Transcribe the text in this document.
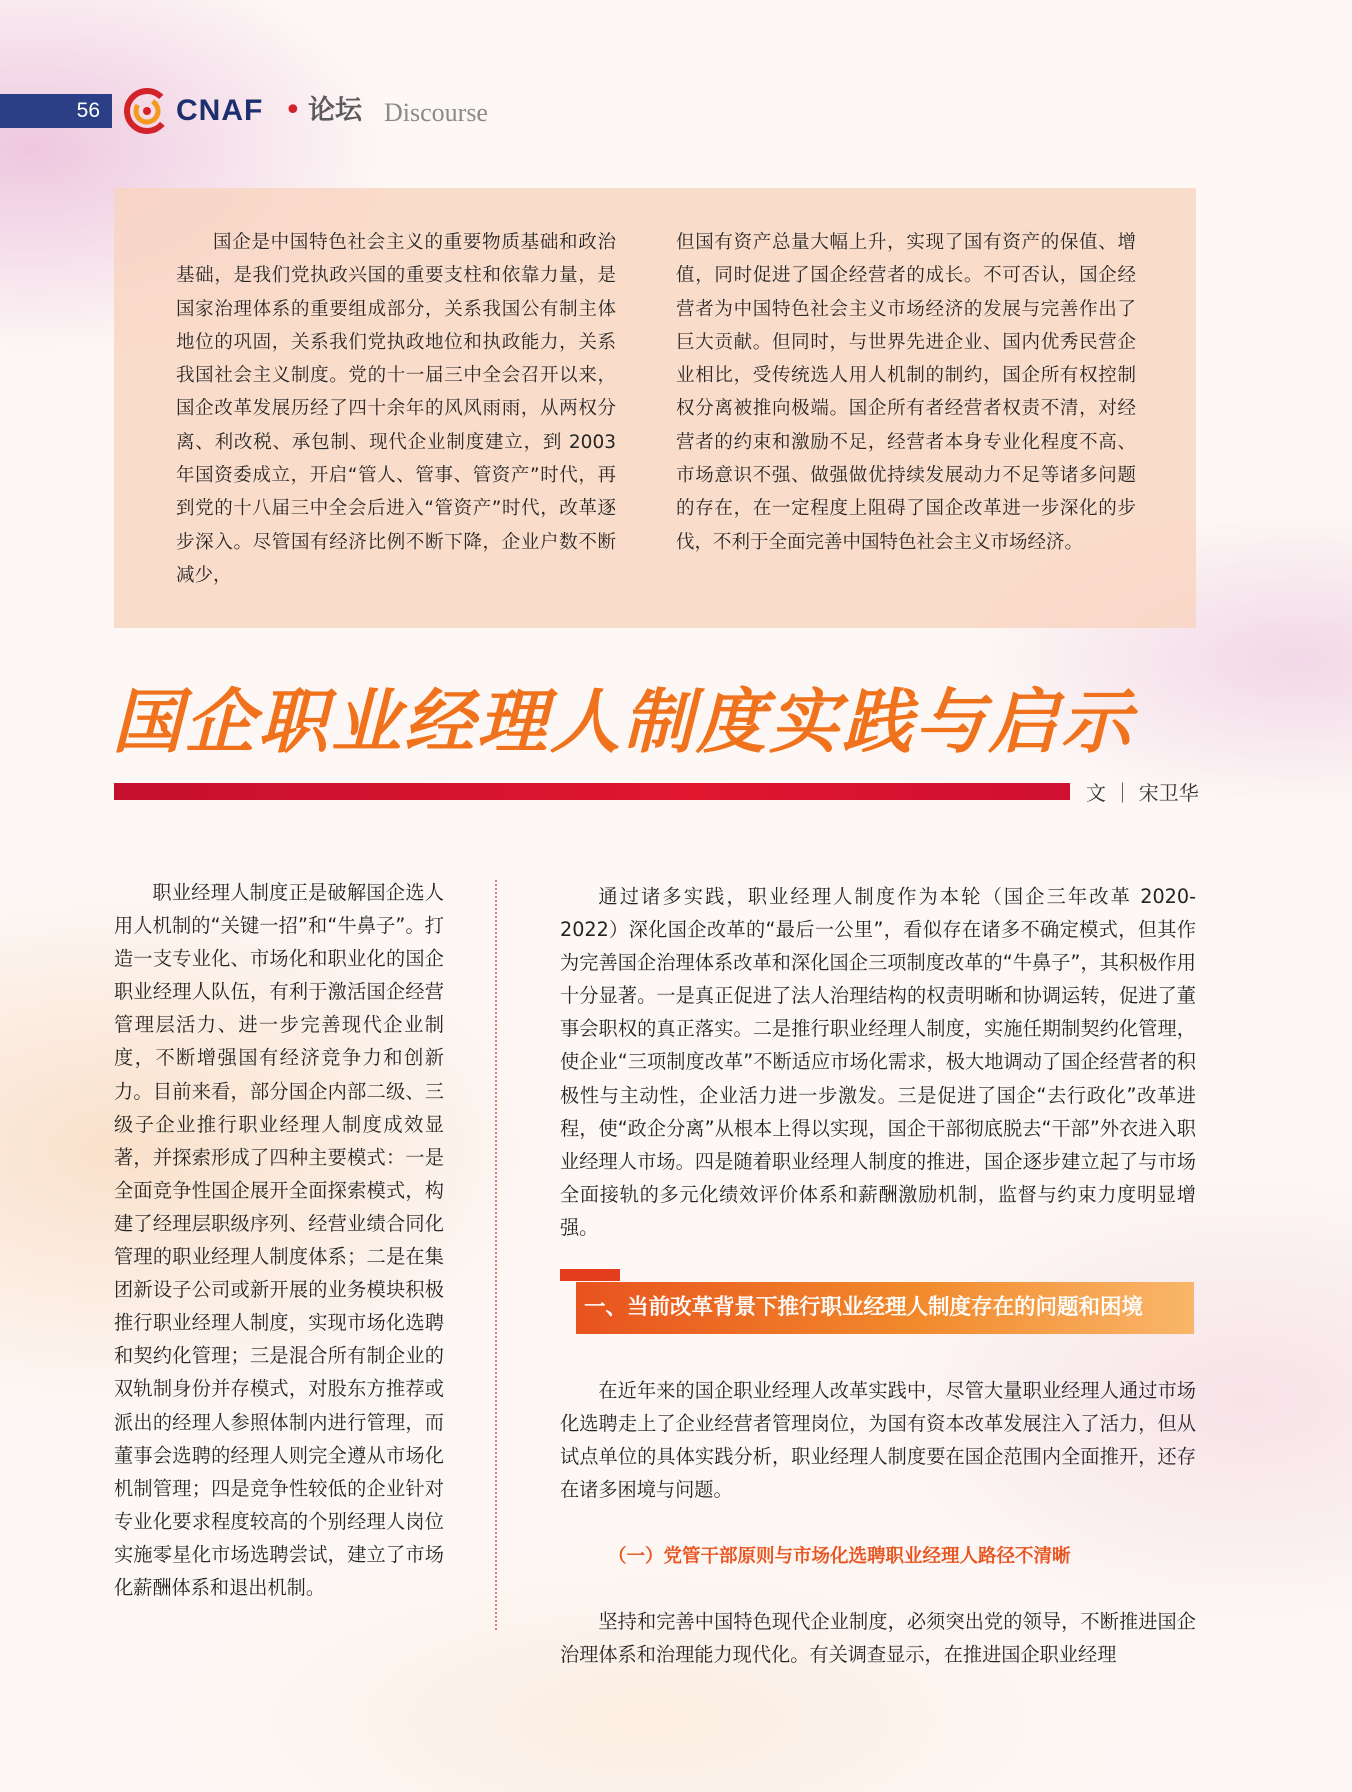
56	CNAF • 论坛 Discourse

国企是中国特色社会主义的重要物质基础和政治基础，是我们党执政兴国的重要支柱和依靠力量，是国家治理体系的重要组成部分，关系我国公有制主体地位的巩固，关系我们党执政地位和执政能力，关系我国社会主义制度。党的十一届三中全会召开以来，国企改革发展历经了四十余年的风风雨雨，从两权分离、利改税、承包制、现代企业制度建立，到 2003 年国资委成立，开启“管人、管事、管资产”时代，再到党的十八届三中全会后进入“管资产”时代，改革逐步深入。尽管国有经济比例不断下降，企业户数不断减少，

但国有资产总量大幅上升，实现了国有资产的保值、增值，同时促进了国企经营者的成长。不可否认，国企经营者为中国特色社会主义市场经济的发展与完善作出了巨大贡献。但同时，与世界先进企业、国内优秀民营企业相比，受传统选人用人机制的制约，国企所有权控制权分离被推向极端。国企所有者经营者权责不清，对经营者的约束和激励不足，经营者本身专业化程度不高、市场意识不强、做强做优持续发展动力不足等诸多问题的存在，在一定程度上阻碍了国企改革进一步深化的步伐，不利于全面完善中国特色社会主义市场经济。

国企职业经理人制度实践与启示
文 ｜ 宋卫华

职业经理人制度正是破解国企选人用人机制的“关键一招”和“牛鼻子”。打造一支专业化、市场化和职业化的国企职业经理人队伍，有利于激活国企经营管理层活力、进一步完善现代企业制度，不断增强国有经济竞争力和创新力。目前来看，部分国企内部二级、三级子企业推行职业经理人制度成效显著，并探索形成了四种主要模式：一是全面竞争性国企展开全面探索模式，构建了经理层职级序列、经营业绩合同化管理的职业经理人制度体系；二是在集团新设子公司或新开展的业务模块积极推行职业经理人制度，实现市场化选聘和契约化管理；三是混合所有制企业的双轨制身份并存模式，对股东方推荐或派出的经理人参照体制内进行管理，而董事会选聘的经理人则完全遵从市场化机制管理；四是竞争性较低的企业针对专业化要求程度较高的个别经理人岗位实施零星化市场选聘尝试，建立了市场化薪酬体系和退出机制。

通过诸多实践，职业经理人制度作为本轮（国企三年改革 2020-2022）深化国企改革的“最后一公里”，看似存在诸多不确定模式，但其作为完善国企治理体系改革和深化国企三项制度改革的“牛鼻子”，其积极作用十分显著。一是真正促进了法人治理结构的权责明晰和协调运转，促进了董事会职权的真正落实。二是推行职业经理人制度，实施任期制契约化管理，使企业“三项制度改革”不断适应市场化需求，极大地调动了国企经营者的积极性与主动性，企业活力进一步激发。三是促进了国企“去行政化”改革进程，使“政企分离”从根本上得以实现，国企干部彻底脱去“干部”外衣进入职业经理人市场。四是随着职业经理人制度的推进，国企逐步建立起了与市场全面接轨的多元化绩效评价体系和薪酬激励机制，监督与约束力度明显增强。

一、当前改革背景下推行职业经理人制度存在的问题和困境

在近年来的国企职业经理人改革实践中，尽管大量职业经理人通过市场化选聘走上了企业经营者管理岗位，为国有资本改革发展注入了活力，但从试点单位的具体实践分析，职业经理人制度要在国企范围内全面推开，还存在诸多困境与问题。

（一）党管干部原则与市场化选聘职业经理人路径不清晰

坚持和完善中国特色现代企业制度，必须突出党的领导，不断推进国企治理体系和治理能力现代化。有关调查显示，在推进国企职业经理
